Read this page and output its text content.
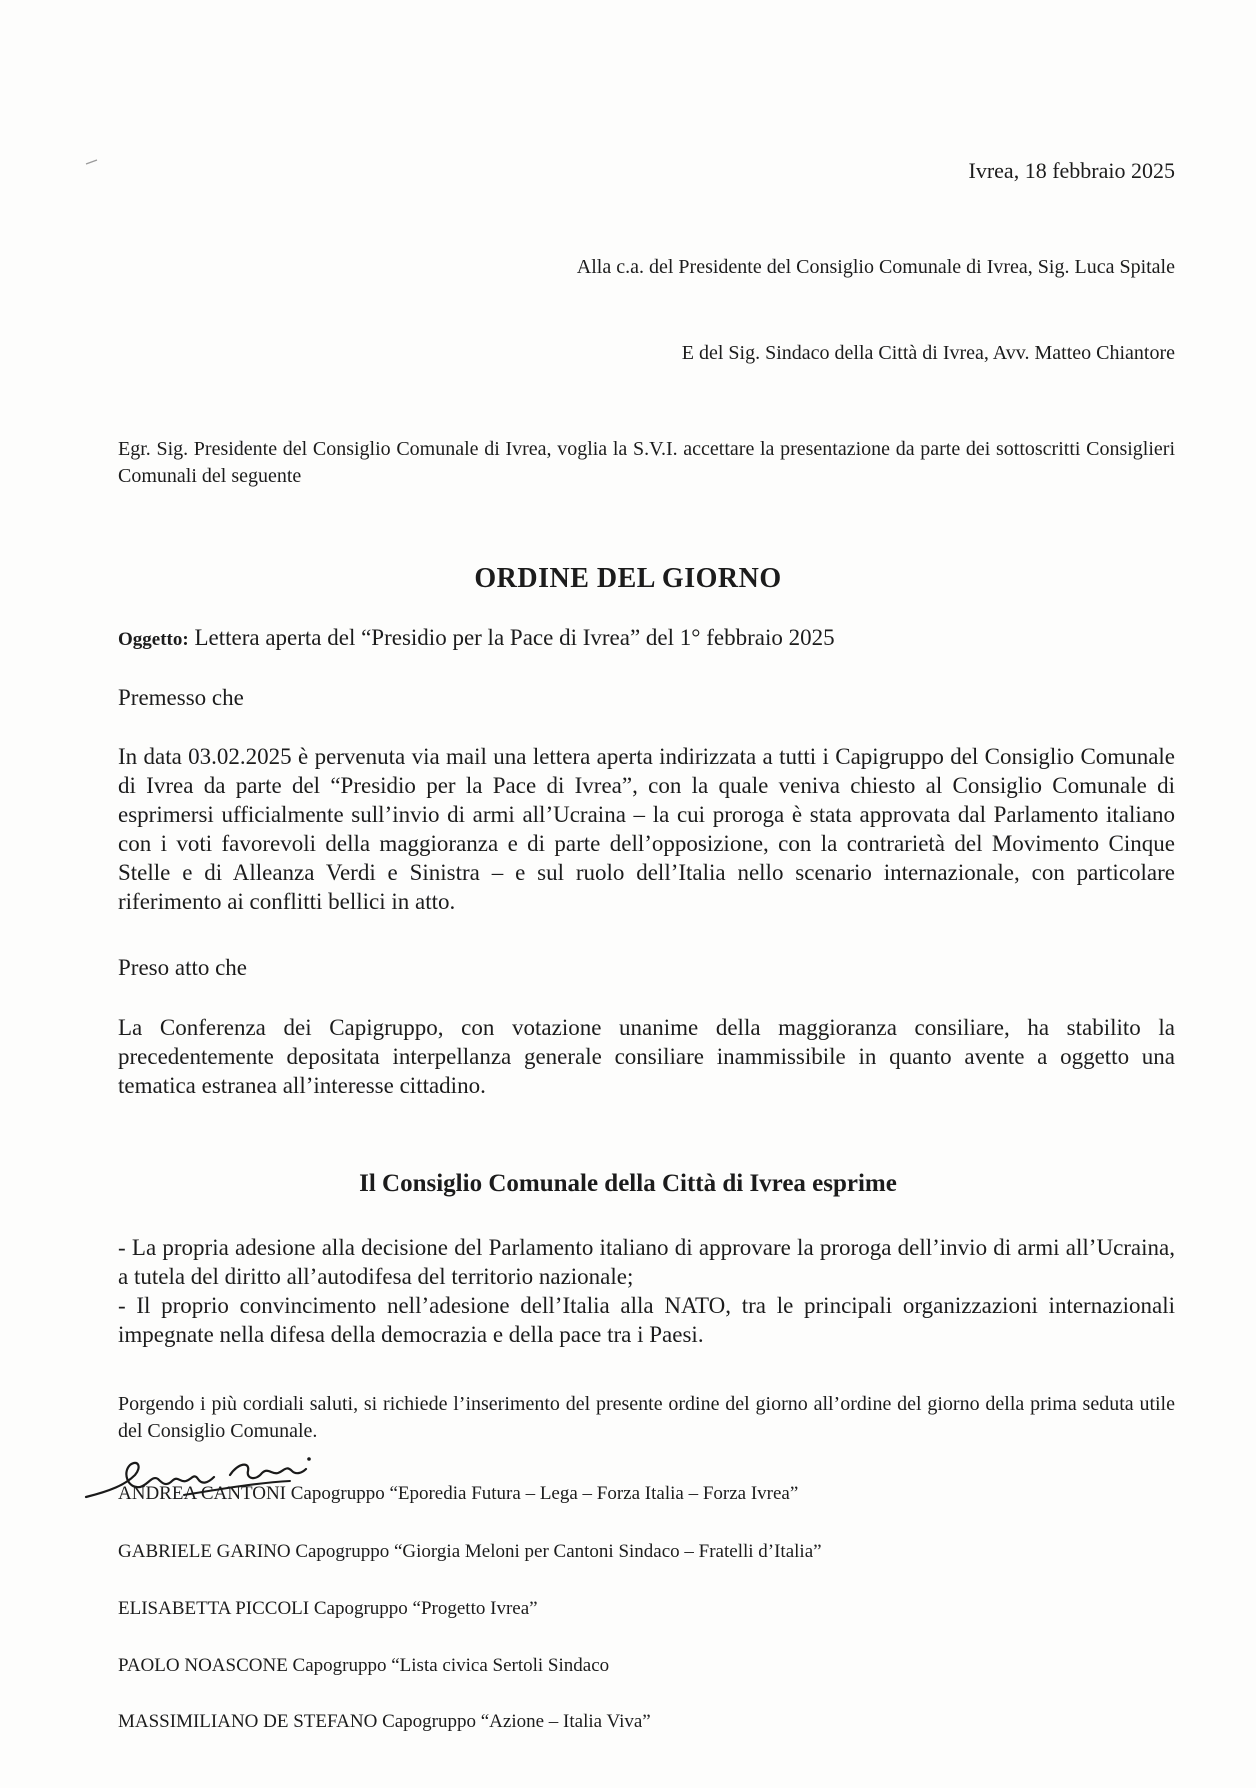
Ivrea, 18 febbraio 2025
Alla c.a. del Presidente del Consiglio Comunale di Ivrea, Sig. Luca Spitale
E del Sig. Sindaco della Città di Ivrea, Avv. Matteo Chiantore
Egr. Sig. Presidente del Consiglio Comunale di Ivrea, voglia la S.V.I. accettare la presentazione da parte dei sottoscritti Consiglieri Comunali del seguente
ORDINE DEL GIORNO
Oggetto: Lettera aperta del “Presidio per la Pace di Ivrea” del 1° febbraio 2025
Premesso che
In data 03.02.2025 è pervenuta via mail una lettera aperta indirizzata a tutti i Capigruppo del Consiglio Comunale di Ivrea da parte del “Presidio per la Pace di Ivrea”, con la quale veniva chiesto al Consiglio Comunale di esprimersi ufficialmente sull’invio di armi all’Ucraina – la cui proroga è stata approvata dal Parlamento italiano con i voti favorevoli della maggioranza e di parte dell’opposizione, con la contrarietà del Movimento Cinque Stelle e di Alleanza Verdi e Sinistra – e sul ruolo dell’Italia nello scenario internazionale, con particolare riferimento ai conflitti bellici in atto.
Preso atto che
La Conferenza dei Capigruppo, con votazione unanime della maggioranza consiliare, ha stabilito la precedentemente depositata interpellanza generale consiliare inammissibile in quanto avente a oggetto una tematica estranea all’interesse cittadino.
Il Consiglio Comunale della Città di Ivrea esprime

- La propria adesione alla decisione del Parlamento italiano di approvare la proroga dell’invio di armi all’Ucraina, a tutela del diritto all’autodifesa del territorio nazionale;

- Il proprio convincimento nell’adesione dell’Italia alla NATO, tra le principali organizzazioni internazionali impegnate nella difesa della democrazia e della pace tra i Paesi.

Porgendo i più cordiali saluti, si richiede l’inserimento del presente ordine del giorno all’ordine del giorno della prima seduta utile del Consiglio Comunale.
ANDREA CANTONI Capogruppo “Eporedia Futura – Lega – Forza Italia – Forza Ivrea”
GABRIELE GARINO Capogruppo “Giorgia Meloni per Cantoni Sindaco – Fratelli d’Italia”
ELISABETTA PICCOLI Capogruppo “Progetto Ivrea”
PAOLO NOASCONE Capogruppo “Lista civica Sertoli Sindaco
MASSIMILIANO DE STEFANO Capogruppo “Azione – Italia Viva”
